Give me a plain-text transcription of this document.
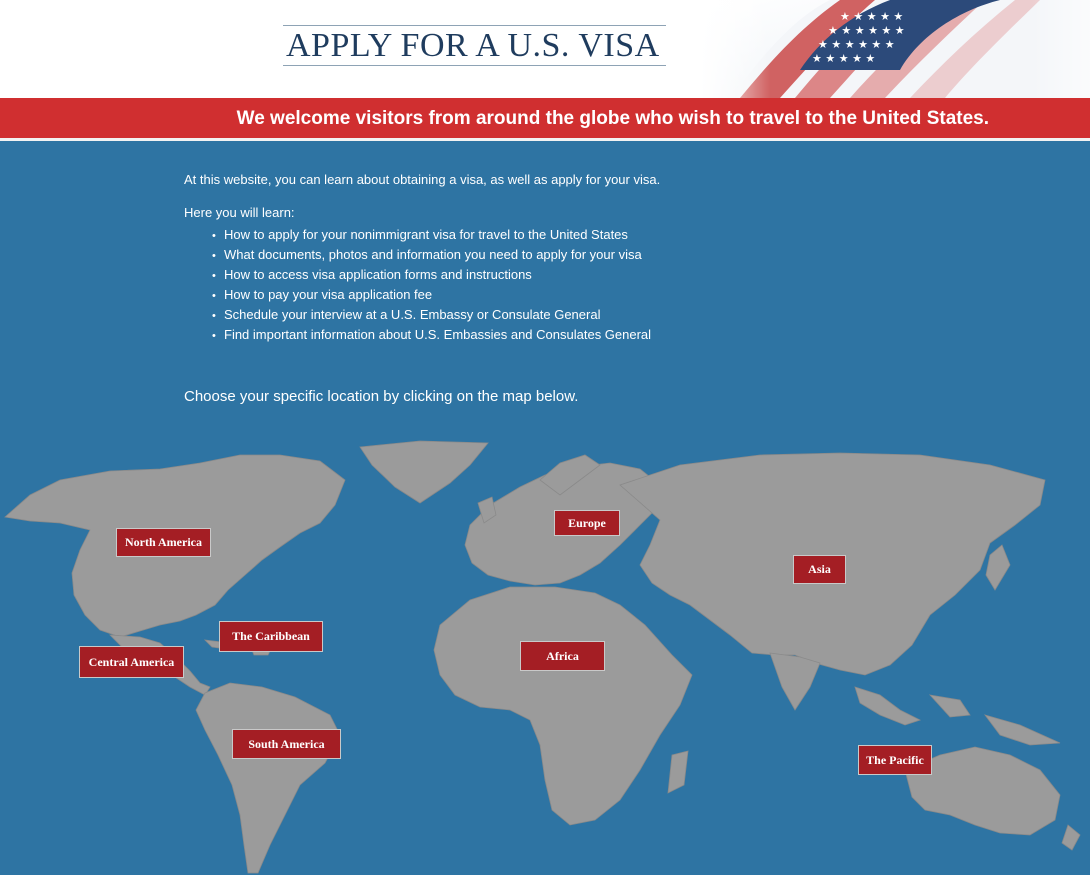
APPLY FOR A U.S. VISA
We welcome visitors from around the globe who wish to travel to the United States.
At this website, you can learn about obtaining a visa, as well as apply for your visa.
Here you will learn:
• How to apply for your nonimmigrant visa for travel to the United States
• What documents, photos and information you need to apply for your visa
• How to access visa application forms and instructions
• How to pay your visa application fee
• Schedule your interview at a U.S. Embassy or Consulate General
• Find important information about U.S. Embassies and Consulates General
Choose your specific location by clicking on the map below.
North America
The Caribbean
Central America
South America
Europe
Africa
Asia
The Pacific
